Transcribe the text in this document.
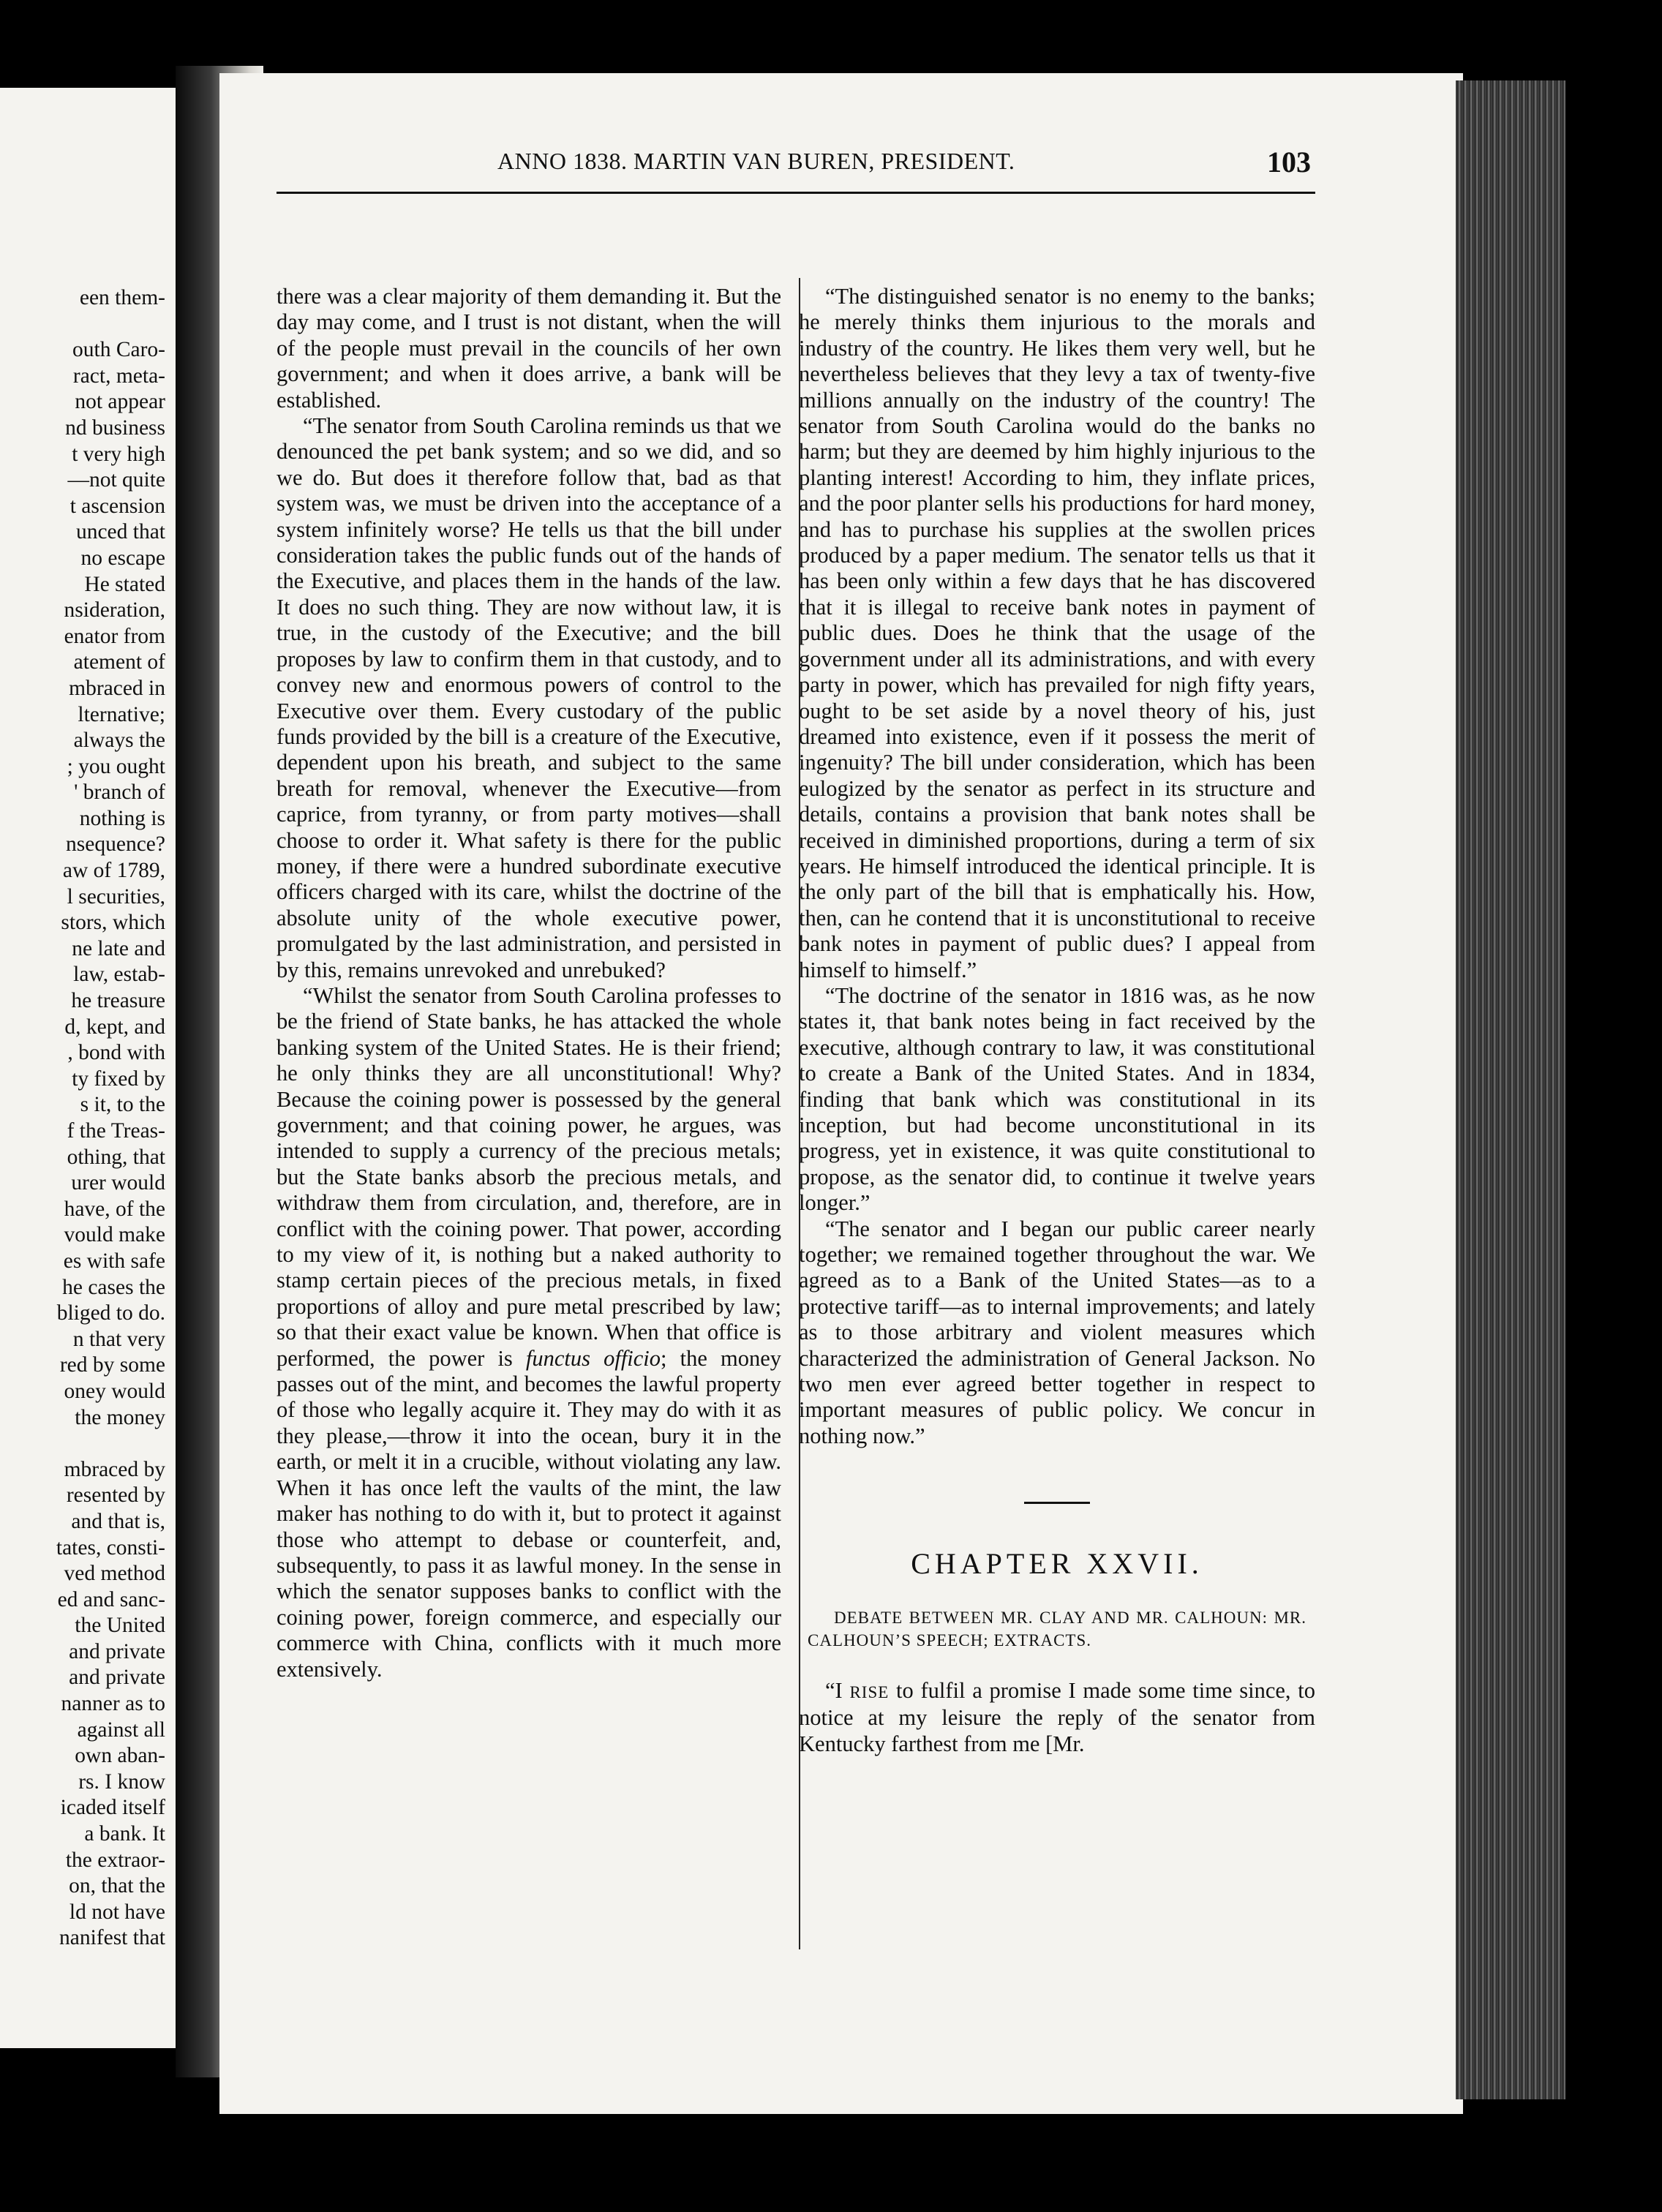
een them-
outh Caro-
ract, meta-
not appear
nd business
t very high
—not quite
t ascension
unced that
no escape
He stated
nsideration,
enator from
atement of
mbraced in
lternative;
always the
; you ought
' branch of
nothing is
nsequence?
aw of 1789,
l securities,
stors, which
ne late and
law, estab-
he treasure
d, kept, and
, bond with
ty fixed by
s it, to the
f the Treas-
othing, that
urer would
have, of the
vould make
es with safe
he cases the
bliged to do.
n that very
red by some
oney would
the money
mbraced by
resented by
and that is,
tates, consti-
ved method
ed and sanc-
the United
and private
and private
nanner as to
against all
own aban-
rs. I know
icaded itself
a bank. It
the extraor-
on, that the
ld not have
nanifest that
ANNO 1838. MARTIN VAN BUREN, PRESIDENT.	103

there was a clear majority of them demanding it. But the day may come, and I trust is not distant, when the will of the people must prevail in the councils of her own government; and when it does arrive, a bank will be established.

“The senator from South Carolina reminds us that we denounced the pet bank system; and so we did, and so we do. But does it therefore follow that, bad as that system was, we must be driven into the acceptance of a system infinitely worse? He tells us that the bill under consideration takes the public funds out of the hands of the Executive, and places them in the hands of the law. It does no such thing. They are now without law, it is true, in the custody of the Executive; and the bill proposes by law to confirm them in that custody, and to convey new and enormous powers of control to the Executive over them. Every custodary of the public funds provided by the bill is a creature of the Executive, dependent upon his breath, and subject to the same breath for removal, whenever the Executive—from caprice, from tyranny, or from party motives—shall choose to order it. What safety is there for the public money, if there were a hundred subordinate executive officers charged with its care, whilst the doctrine of the absolute unity of the whole executive power, promulgated by the last administration, and persisted in by this, remains unrevoked and unrebuked?

“Whilst the senator from South Carolina professes to be the friend of State banks, he has attacked the whole banking system of the United States. He is their friend; he only thinks they are all unconstitutional! Why? Because the coining power is possessed by the general government; and that coining power, he argues, was intended to supply a currency of the precious metals; but the State banks absorb the precious metals, and withdraw them from circulation, and, therefore, are in conflict with the coining power. That power, according to my view of it, is nothing but a naked authority to stamp certain pieces of the precious metals, in fixed proportions of alloy and pure metal prescribed by law; so that their exact value be known. When that office is performed, the power is functus officio; the money passes out of the mint, and becomes the lawful property of those who legally acquire it. They may do with it as they please,—throw it into the ocean, bury it in the earth, or melt it in a crucible, without violating any law. When it has once left the vaults of the mint, the law maker has nothing to do with it, but to protect it against those who attempt to debase or counterfeit, and, subsequently, to pass it as lawful money. In the sense in which the senator supposes banks to conflict with the coining power, foreign commerce, and especially our commerce with China, conflicts with it much more extensively.

“The distinguished senator is no enemy to the banks; he merely thinks them injurious to the morals and industry of the country. He likes them very well, but he nevertheless believes that they levy a tax of twenty-five millions annually on the industry of the country! The senator from South Carolina would do the banks no harm; but they are deemed by him highly injurious to the planting interest! According to him, they inflate prices, and the poor planter sells his productions for hard money, and has to purchase his supplies at the swollen prices produced by a paper medium. The senator tells us that it has been only within a few days that he has discovered that it is illegal to receive bank notes in payment of public dues. Does he think that the usage of the government under all its administrations, and with every party in power, which has prevailed for nigh fifty years, ought to be set aside by a novel theory of his, just dreamed into existence, even if it possess the merit of ingenuity? The bill under consideration, which has been eulogized by the senator as perfect in its structure and details, contains a provision that bank notes shall be received in diminished proportions, during a term of six years. He himself introduced the identical principle. It is the only part of the bill that is emphatically his. How, then, can he contend that it is unconstitutional to receive bank notes in payment of public dues? I appeal from himself to himself.”

“The doctrine of the senator in 1816 was, as he now states it, that bank notes being in fact received by the executive, although contrary to law, it was constitutional to create a Bank of the United States. And in 1834, finding that bank which was constitutional in its inception, but had become unconstitutional in its progress, yet in existence, it was quite constitutional to propose, as the senator did, to continue it twelve years longer.”

“The senator and I began our public career nearly together; we remained together throughout the war. We agreed as to a Bank of the United States—as to a protective tariff—as to internal improvements; and lately as to those arbitrary and violent measures which characterized the administration of General Jackson. No two men ever agreed better together in respect to important measures of public policy. We concur in nothing now.”

CHAPTER XXVII.
DEBATE BETWEEN MR. CLAY AND MR. CALHOUN: MR. CALHOUN’S SPEECH; EXTRACTS.

“I RISE to fulfil a promise I made some time since, to notice at my leisure the reply of the senator from Kentucky farthest from me [Mr.
